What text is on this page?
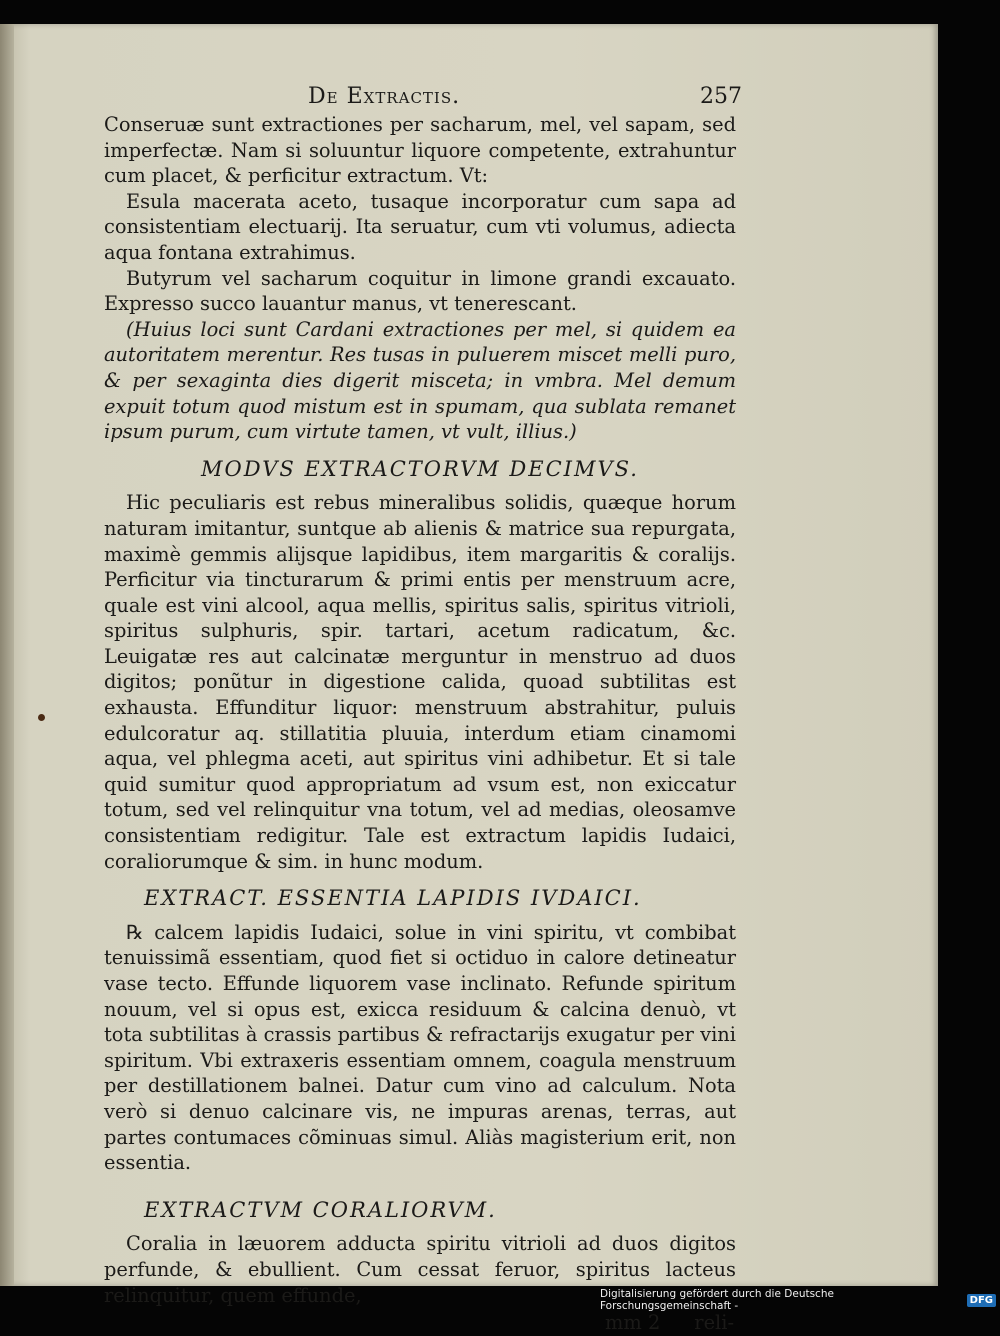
De Extractis.	257

Conseruæ sunt extractiones per sacharum, mel, vel sapam, sed imperfectæ. Nam si soluuntur liquore competente, extrahuntur cum placet, & perficitur extractum. Vt:

Esula macerata aceto, tusaque incorporatur cum sapa ad consistentiam electuarij. Ita seruatur, cum vti volumus, adiecta aqua fontana extrahimus.

Butyrum vel sacharum coquitur in limone grandi excauato. Expresso succo lauantur manus, vt tenerescant.

(Huius loci sunt Cardani extractiones per mel, si quidem ea autoritatem merentur. Res tusas in puluerem miscet melli puro, & per sexaginta dies digerit misceta; in vmbra. Mel demum expuit totum quod mistum est in spumam, qua sublata remanet ipsum purum, cum virtute tamen, vt vult, illius.)

MODVS EXTRACTORVM DECIMVS.

Hic peculiaris est rebus mineralibus solidis, quæque horum naturam imitantur, suntque ab alienis & matrice sua repurgata, maximè gemmis alijsque lapidibus, item margaritis & coralijs. Perficitur via tincturarum & primi entis per menstruum acre, quale est vini alcool, aqua mellis, spiritus salis, spiritus vitrioli, spiritus sulphuris, spir. tartari, acetum radicatum, &c. Leuigatæ res aut calcinatæ merguntur in menstruo ad duos digitos; ponũtur in digestione calida, quoad subtilitas est exhausta. Effunditur liquor: menstruum abstrahitur, puluis edulcoratur aq. stillatitia pluuia, interdum etiam cinamomi aqua, vel phlegma aceti, aut spiritus vini adhibetur. Et si tale quid sumitur quod appropriatum ad vsum est, non exiccatur totum, sed vel relinquitur vna totum, vel ad medias, oleosamve consistentiam redigitur. Tale est extractum lapidis Iudaici, coraliorumque & sim. in hunc modum.

EXTRACT. ESSENTIA LAPIDIS IVDAICI.

℞ calcem lapidis Iudaici, solue in vini spiritu, vt combibat tenuissimã essentiam, quod fiet si octiduo in calore detineatur vase tecto. Effunde liquorem vase inclinato. Refunde spiritum nouum, vel si opus est, exicca residuum & calcina denuò, vt tota subtilitas à crassis partibus & refractarijs exugatur per vini spiritum. Vbi extraxeris essentiam omnem, coagula menstruum per destillationem balnei. Datur cum vino ad calculum. Nota verò si denuo calcinare vis, ne impuras arenas, terras, aut partes contumaces cõminuas simul. Aliàs magisterium erit, non essentia.

EXTRACTVM CORALIORVM.

Coralia in læuorem adducta spiritu vitrioli ad duos digitos perfunde, & ebullient. Cum cessat feruor, spiritus lacteus relinquitur, quem effunde,

mm 2 reli-
Digitalisierung gefördert durch die Deutsche Forschungsgemeinschaft -	DFG
